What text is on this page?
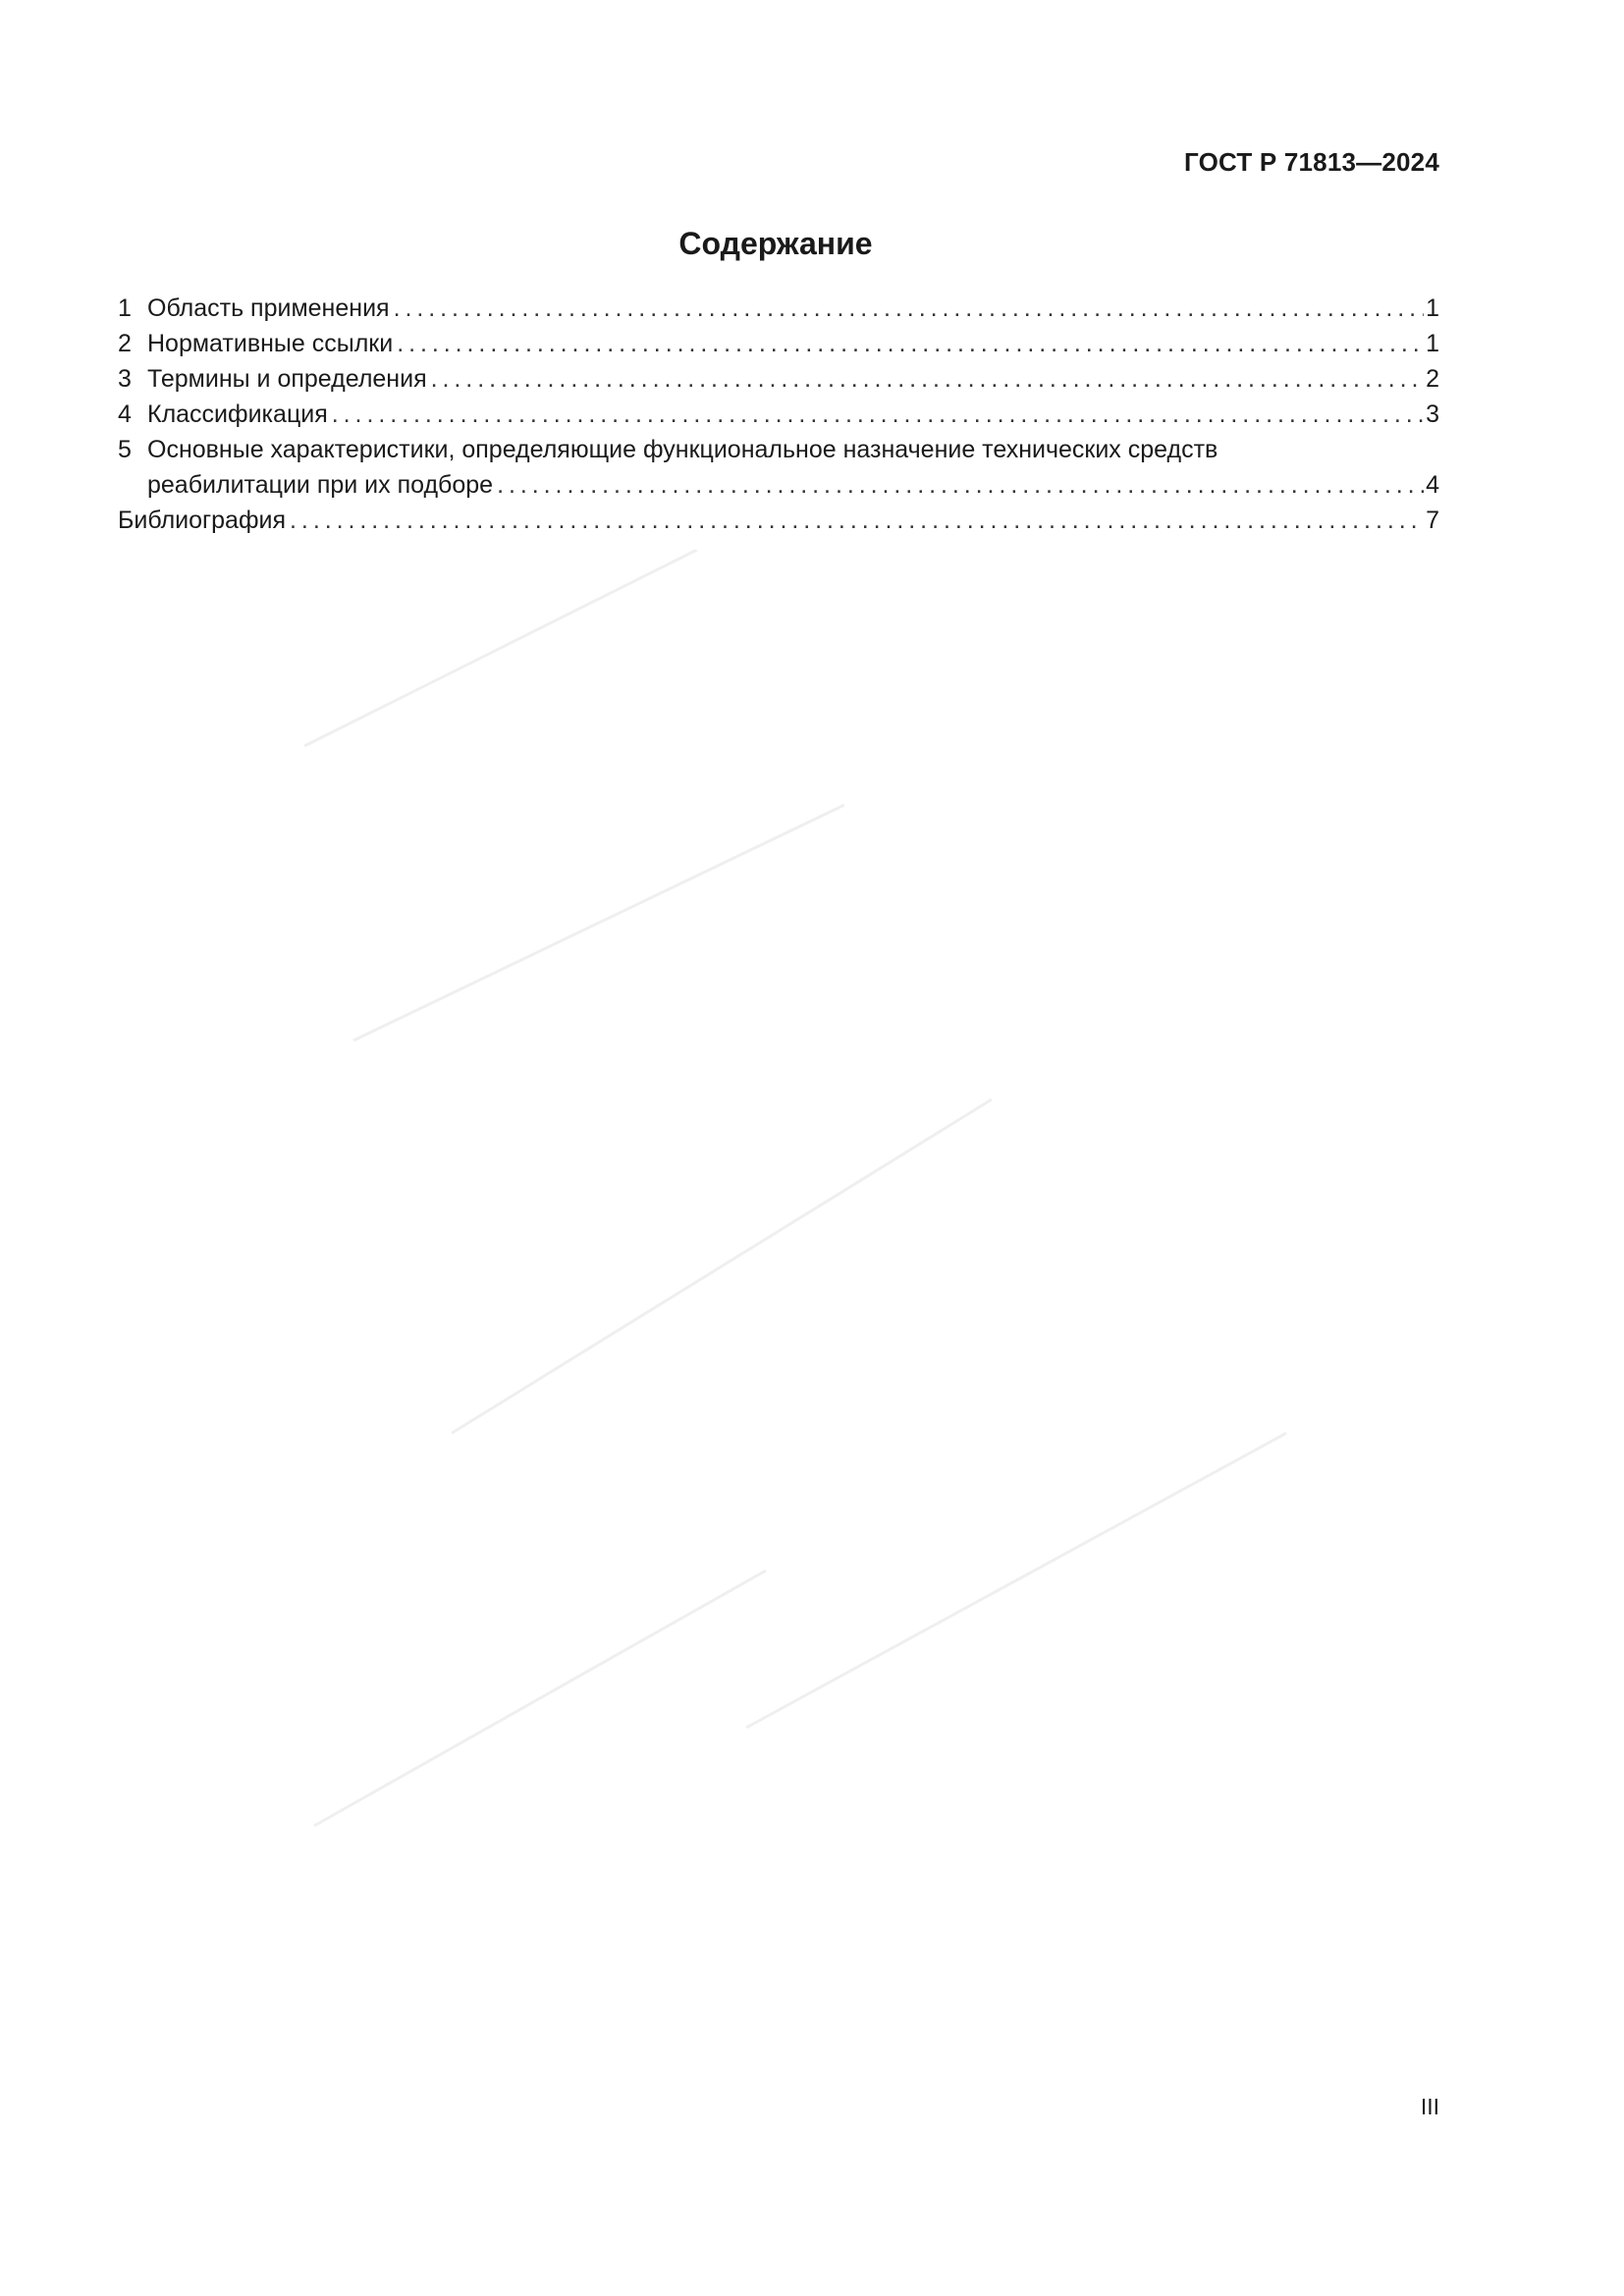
ГОСТ Р 71813—2024
Содержание
1 Область применения . . .	1
2 Нормативные ссылки . . .	1
3 Термины и определения . . .	2
4 Классификация . . .	3
5 Основные характеристики, определяющие функциональное назначение технических средств
реабилитации при их подборе . . .	4
Библиография . . .	7
III
